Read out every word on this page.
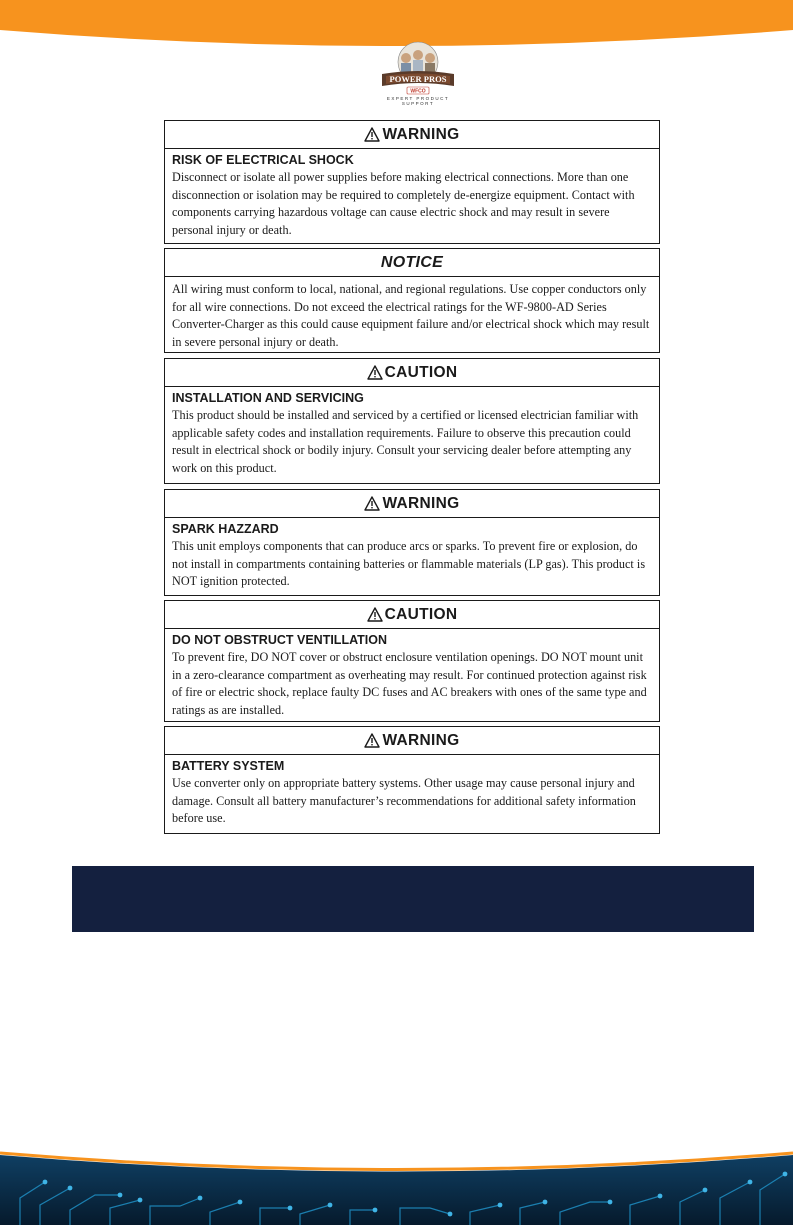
POWER PROS
WFCO
EXPERT PRODUCT SUPPORT
WARNING
RISK OF ELECTRICAL SHOCK
Disconnect or isolate all power supplies before making electrical connections. More than one disconnection or isolation may be required to completely de-energize equipment. Contact with components carrying hazardous voltage can cause electric shock and may result in severe personal injury or death.
NOTICE
All wiring must conform to local, national, and regional regulations. Use copper conductors only for all wire connections. Do not exceed the electrical ratings for the WF-9800-AD Series Converter-Charger as this could cause equipment failure and/or electrical shock which may result in severe personal injury or death.
CAUTION
INSTALLATION AND SERVICING
This product should be installed and serviced by a certified or licensed electrician familiar with applicable safety codes and installation requirements. Failure to observe this precaution could result in electrical shock or bodily injury. Consult your servicing dealer before attempting any work on this product.
WARNING
SPARK HAZZARD
This unit employs components that can produce arcs or sparks. To prevent fire or explosion, do not install in compartments containing batteries or flammable materials (LP gas). This product is NOT ignition protected.
CAUTION
DO NOT OBSTRUCT VENTILLATION
To prevent fire, DO NOT cover or obstruct enclosure ventilation openings. DO NOT mount unit in a zero-clearance compartment as overheating may result. For continued protection against risk of fire or electric shock, replace faulty DC fuses and AC breakers with ones of the same type and ratings as are installed.
WARNING
BATTERY SYSTEM
Use converter only on appropriate battery systems. Other usage may cause personal injury and damage. Consult all battery manufacturer’s recommendations for additional safety information before use.
